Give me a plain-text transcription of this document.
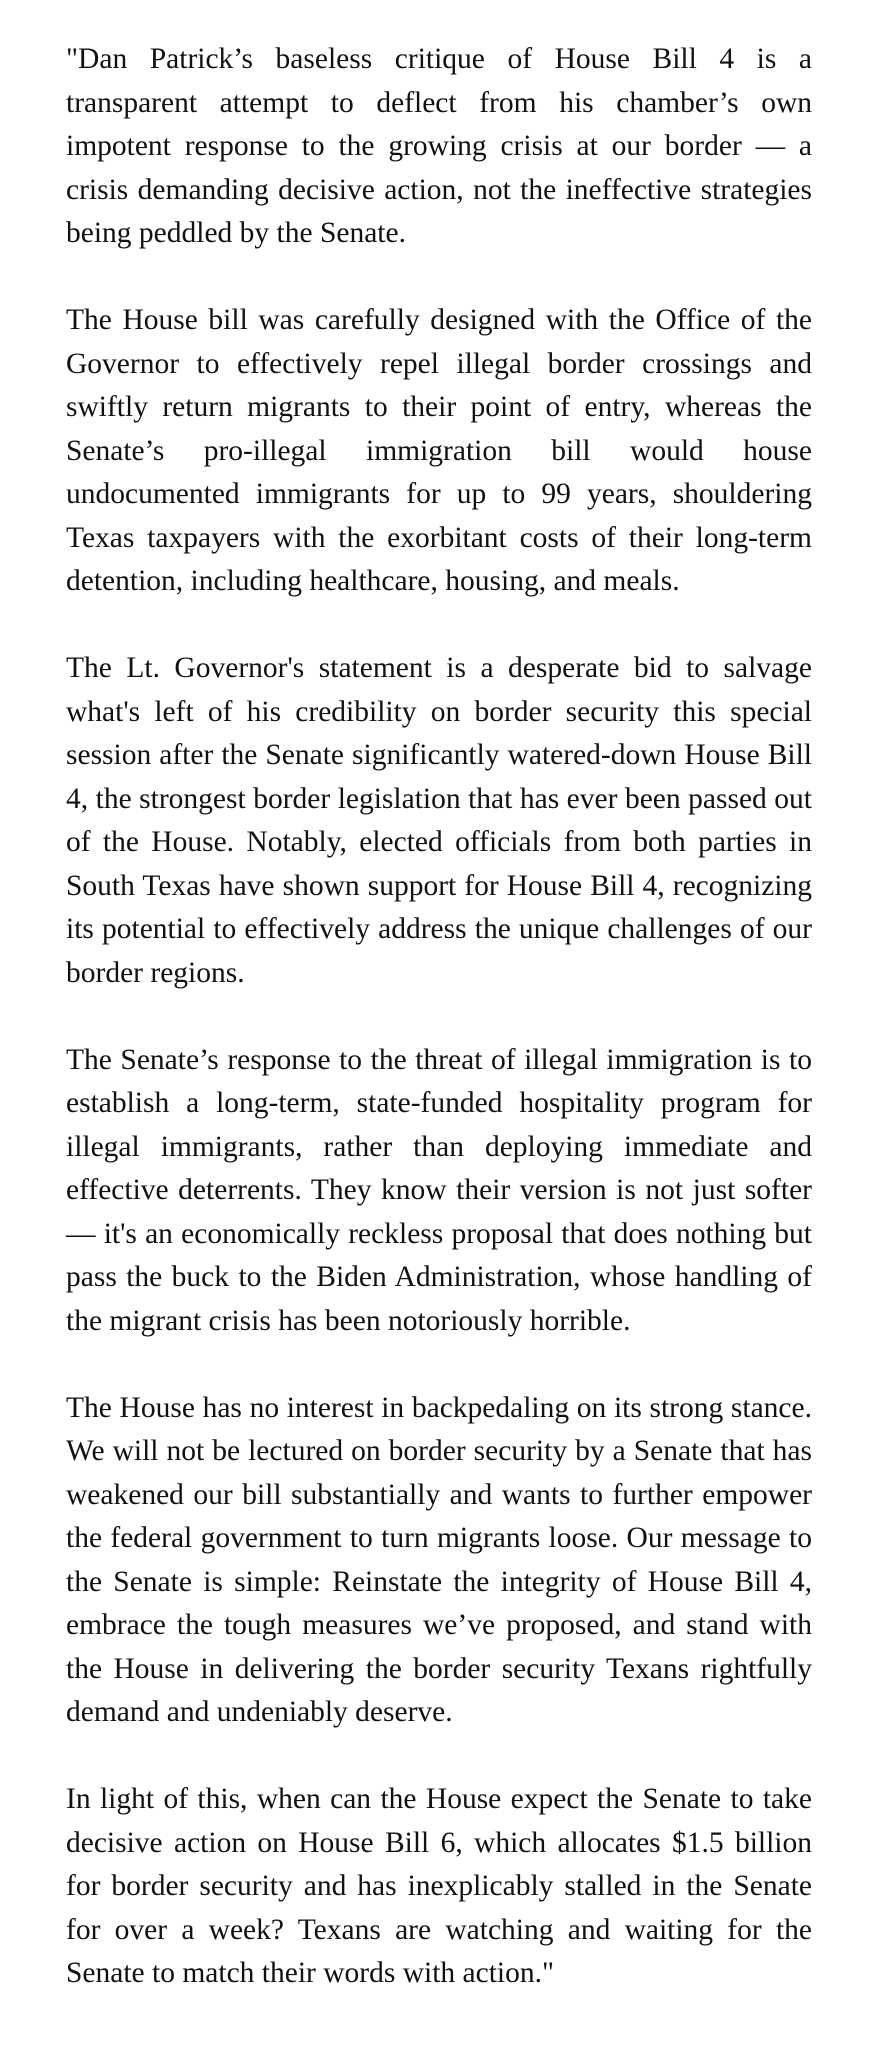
"Dan Patrick’s baseless critique of House Bill 4 is a transparent attempt to deflect from his chamber’s own impotent response to the growing crisis at our border — a crisis demanding decisive action, not the ineffective strategies being peddled by the Senate.

The House bill was carefully designed with the Office of the Governor to effectively repel illegal border crossings and swiftly return migrants to their point of entry, whereas the Senate’s pro-illegal immigration bill would house undocumented immigrants for up to 99 years, shouldering Texas taxpayers with the exorbitant costs of their long-term detention, including healthcare, housing, and meals.

The Lt. Governor's statement is a desperate bid to salvage what's left of his credibility on border security this special session after the Senate significantly watered-down House Bill 4, the strongest border legislation that has ever been passed out of the House. Notably, elected officials from both parties in South Texas have shown support for House Bill 4, recognizing its potential to effectively address the unique challenges of our border regions.

The Senate’s response to the threat of illegal immigration is to establish a long-term, state-funded hospitality program for illegal immigrants, rather than deploying immediate and effective deterrents. They know their version is not just softer — it's an economically reckless proposal that does nothing but pass the buck to the Biden Administration, whose handling of the migrant crisis has been notoriously horrible.

The House has no interest in backpedaling on its strong stance. We will not be lectured on border security by a Senate that has weakened our bill substantially and wants to further empower the federal government to turn migrants loose. Our message to the Senate is simple: Reinstate the integrity of House Bill 4, embrace the tough measures we’ve proposed, and stand with the House in delivering the border security Texans rightfully demand and undeniably deserve.

In light of this, when can the House expect the Senate to take decisive action on House Bill 6, which allocates $1.5 billion for border security and has inexplicably stalled in the Senate for over a week? Texans are watching and waiting for the Senate to match their words with action."
